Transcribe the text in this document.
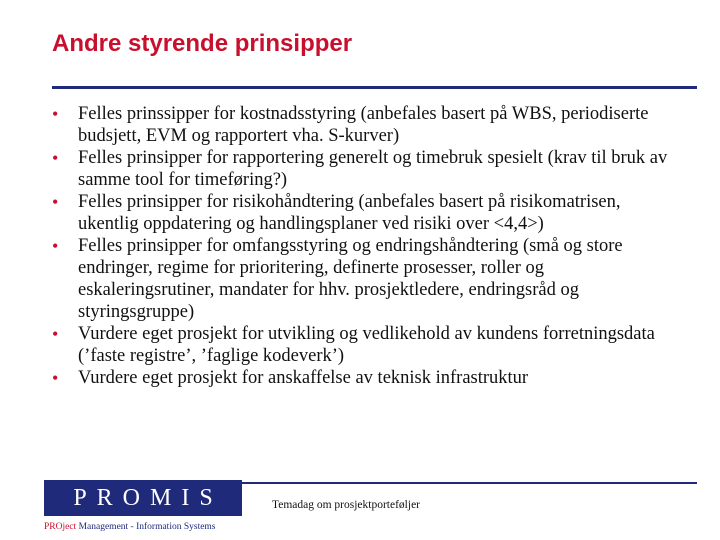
Andre styrende prinsipper
• Felles prinssipper for kostnadsstyring (anbefales basert på WBS, periodiserte budsjett, EVM og rapportert vha. S-kurver)
• Felles prinsipper for rapportering generelt og timebruk spesielt (krav til bruk av samme tool for timeføring?)
• Felles prinsipper for risikohåndtering (anbefales basert på risikomatrisen, ukentlig oppdatering og handlingsplaner ved risiki over <4,4>)
• Felles prinsipper for omfangsstyring og endringshåndtering (små og store endringer, regime for prioritering, definerte prosesser, roller og eskaleringsrutiner, mandater for hhv. prosjektledere, endringsråd og styringsgruppe)
• Vurdere eget prosjekt for utvikling og vedlikehold av kundens forretningsdata (’faste registre’, ’faglige kodeverk’)
• Vurdere eget prosjekt for anskaffelse av teknisk infrastruktur
PROMIS
PROject Management - Information Systems
Temadag om prosjektporteføljer
